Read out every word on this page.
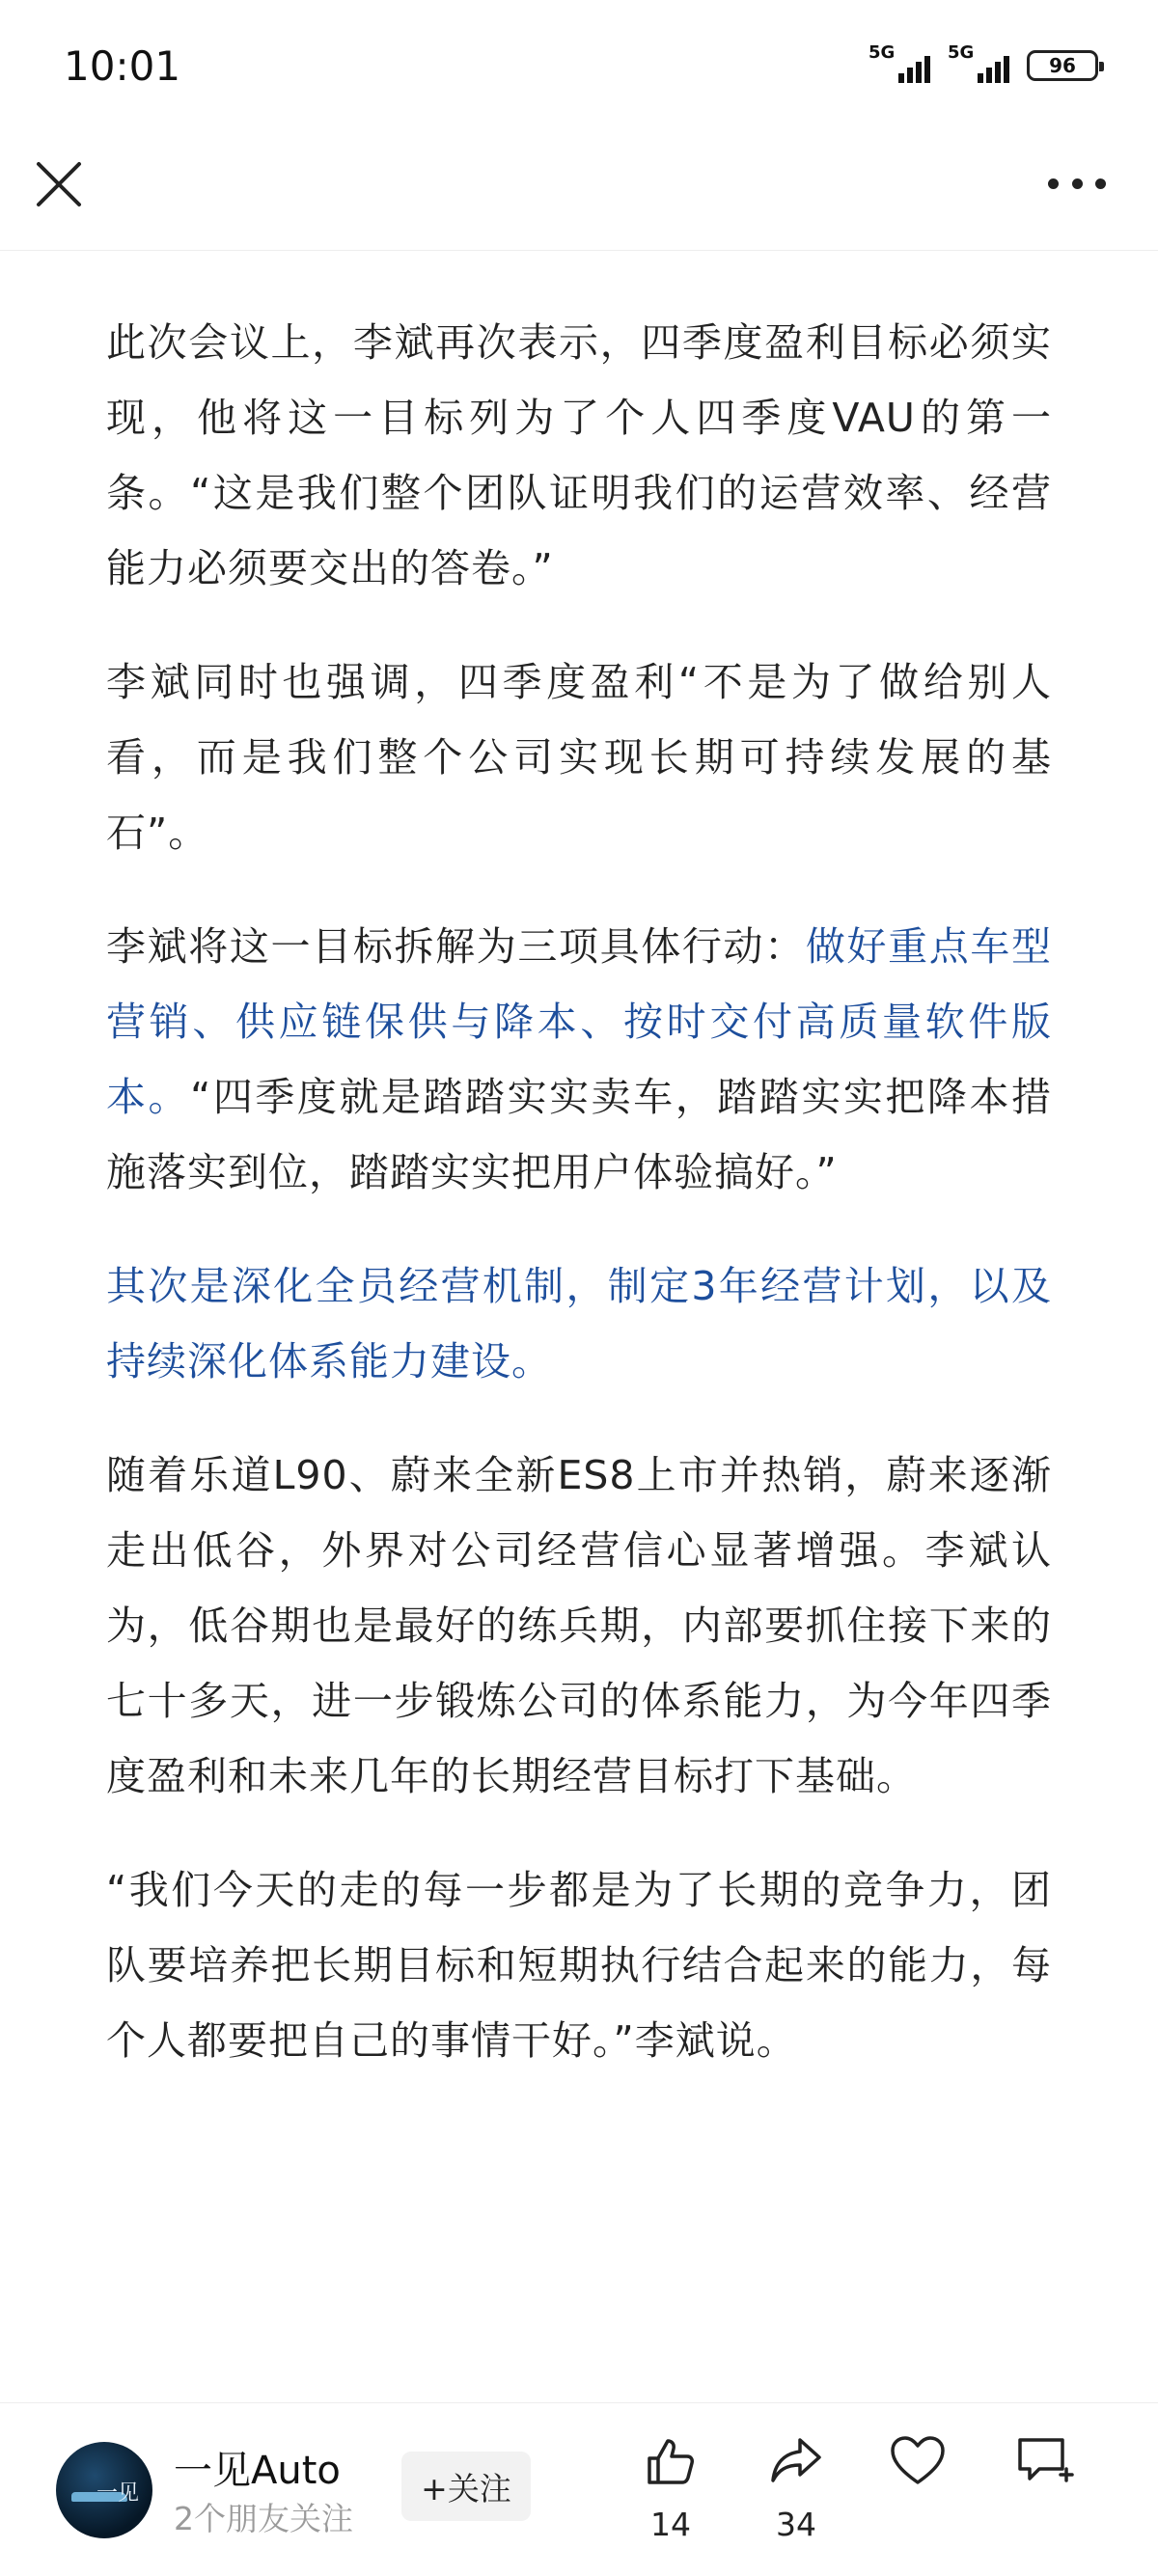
10:01	5G	5G
96

此次会议上，李斌再次表示，四季度盈利目标必须实现，他将这一目标列为了个人四季度VAU的第一条。“这是我们整个团队证明我们的运营效率、经营能力必须要交出的答卷。”

李斌同时也强调，四季度盈利“不是为了做给别人看，而是我们整个公司实现长期可持续发展的基石”。

李斌将这一目标拆解为三项具体行动：做好重点车型营销、供应链保供与降本、按时交付高质量软件版本。“四季度就是踏踏实实卖车，踏踏实实把降本措施落实到位，踏踏实实把用户体验搞好。”

其次是深化全员经营机制，制定3年经营计划，以及持续深化体系能力建设。

随着乐道L90、蔚来全新ES8上市并热销，蔚来逐渐走出低谷，外界对公司经营信心显著增强。李斌认为，低谷期也是最好的练兵期，内部要抓住接下来的七十多天，进一步锻炼公司的体系能力，为今年四季度盈利和未来几年的长期经营目标打下基础。

“我们今天的走的每一步都是为了长期的竞争力，团队要培养把长期目标和短期执行结合起来的能力，每个人都要把自己的事情干好。”李斌说。

一见
一见Auto
2个朋友关注
+关注
14	34
